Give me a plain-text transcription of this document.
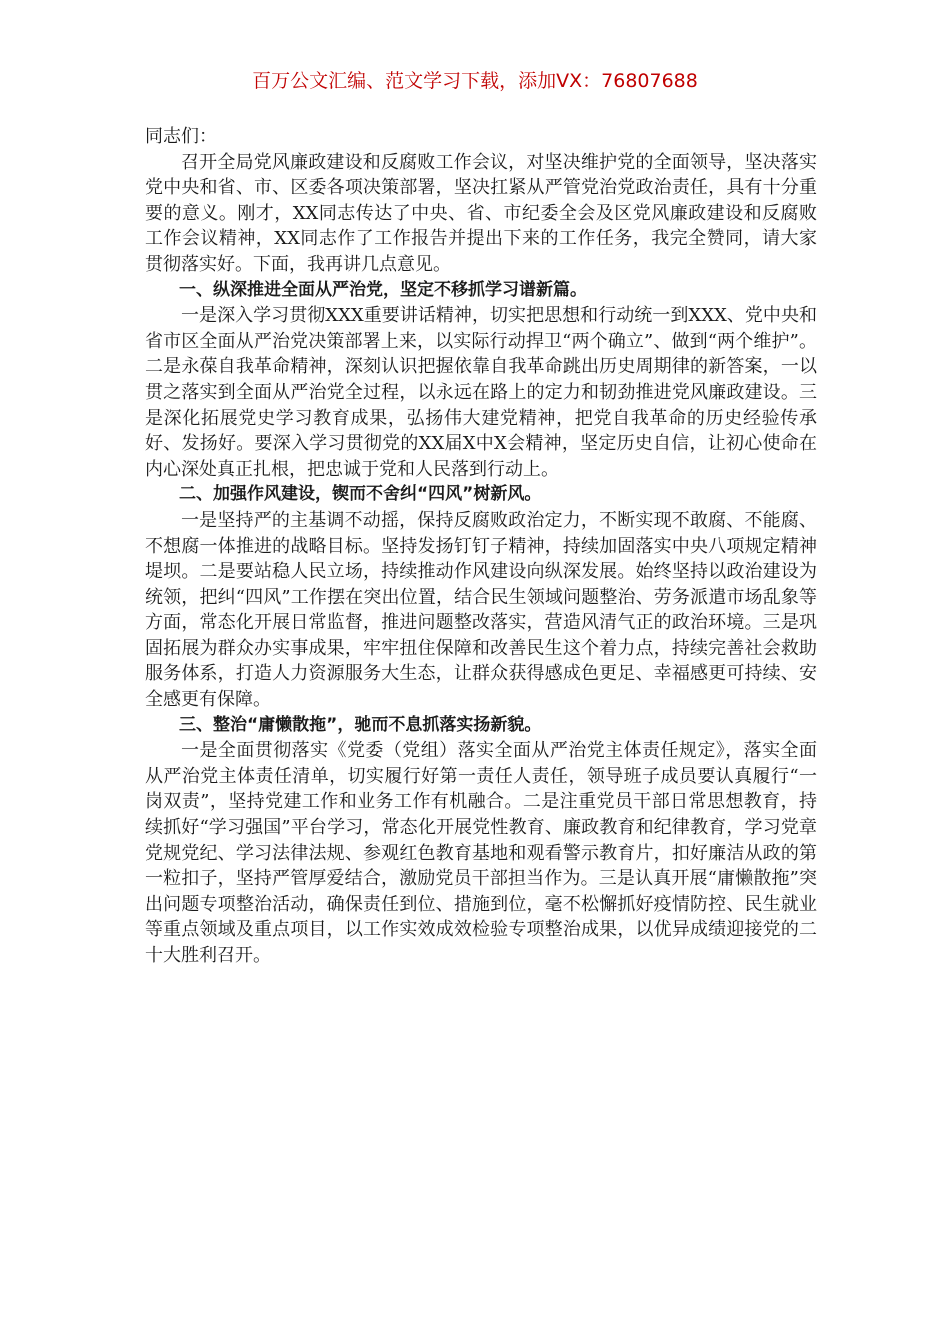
百万公文汇编、范文学习下载，添加VX：76807688

同志们：

召开全局党风廉政建设和反腐败工作会议，对坚决维护党的全面领导，坚决落实党中央和省、市、区委各项决策部署，坚决扛紧从严管党治党政治责任，具有十分重要的意义。刚才，XX同志传达了中央、省、市纪委全会及区党风廉政建设和反腐败工作会议精神，XX同志作了工作报告并提出下来的工作任务，我完全赞同，请大家贯彻落实好。下面，我再讲几点意见。

一、纵深推进全面从严治党，坚定不移抓学习谱新篇。

一是深入学习贯彻XXX重要讲话精神，切实把思想和行动统一到XXX、党中央和省市区全面从严治党决策部署上来，以实际行动捍卫“两个确立”、做到“两个维护”。二是永葆自我革命精神，深刻认识把握依靠自我革命跳出历史周期律的新答案，一以贯之落实到全面从严治党全过程，以永远在路上的定力和韧劲推进党风廉政建设。三是深化拓展党史学习教育成果，弘扬伟大建党精神，把党自我革命的历史经验传承好、发扬好。要深入学习贯彻党的XX届X中X会精神，坚定历史自信，让初心使命在内心深处真正扎根，把忠诚于党和人民落到行动上。

二、加强作风建设，锲而不舍纠“四风”树新风。

一是坚持严的主基调不动摇，保持反腐败政治定力，不断实现不敢腐、不能腐、不想腐一体推进的战略目标。坚持发扬钉钉子精神，持续加固落实中央八项规定精神堤坝。二是要站稳人民立场，持续推动作风建设向纵深发展。始终坚持以政治建设为统领，把纠“四风”工作摆在突出位置，结合民生领域问题整治、劳务派遣市场乱象等方面，常态化开展日常监督，推进问题整改落实，营造风清气正的政治环境。三是巩固拓展为群众办实事成果，牢牢扭住保障和改善民生这个着力点，持续完善社会救助服务体系，打造人力资源服务大生态，让群众获得感成色更足、幸福感更可持续、安全感更有保障。

三、整治“庸懒散拖”，驰而不息抓落实扬新貌。

一是全面贯彻落实《党委（党组）落实全面从严治党主体责任规定》，落实全面从严治党主体责任清单，切实履行好第一责任人责任，领导班子成员要认真履行“一岗双责”，坚持党建工作和业务工作有机融合。二是注重党员干部日常思想教育，持续抓好“学习强国”平台学习，常态化开展党性教育、廉政教育和纪律教育，学习党章党规党纪、学习法律法规、参观红色教育基地和观看警示教育片，扣好廉洁从政的第一粒扣子，坚持严管厚爱结合，激励党员干部担当作为。三是认真开展“庸懒散拖”突出问题专项整治活动，确保责任到位、措施到位，毫不松懈抓好疫情防控、民生就业等重点领域及重点项目，以工作实效成效检验专项整治成果，以优异成绩迎接党的二十大胜利召开。
